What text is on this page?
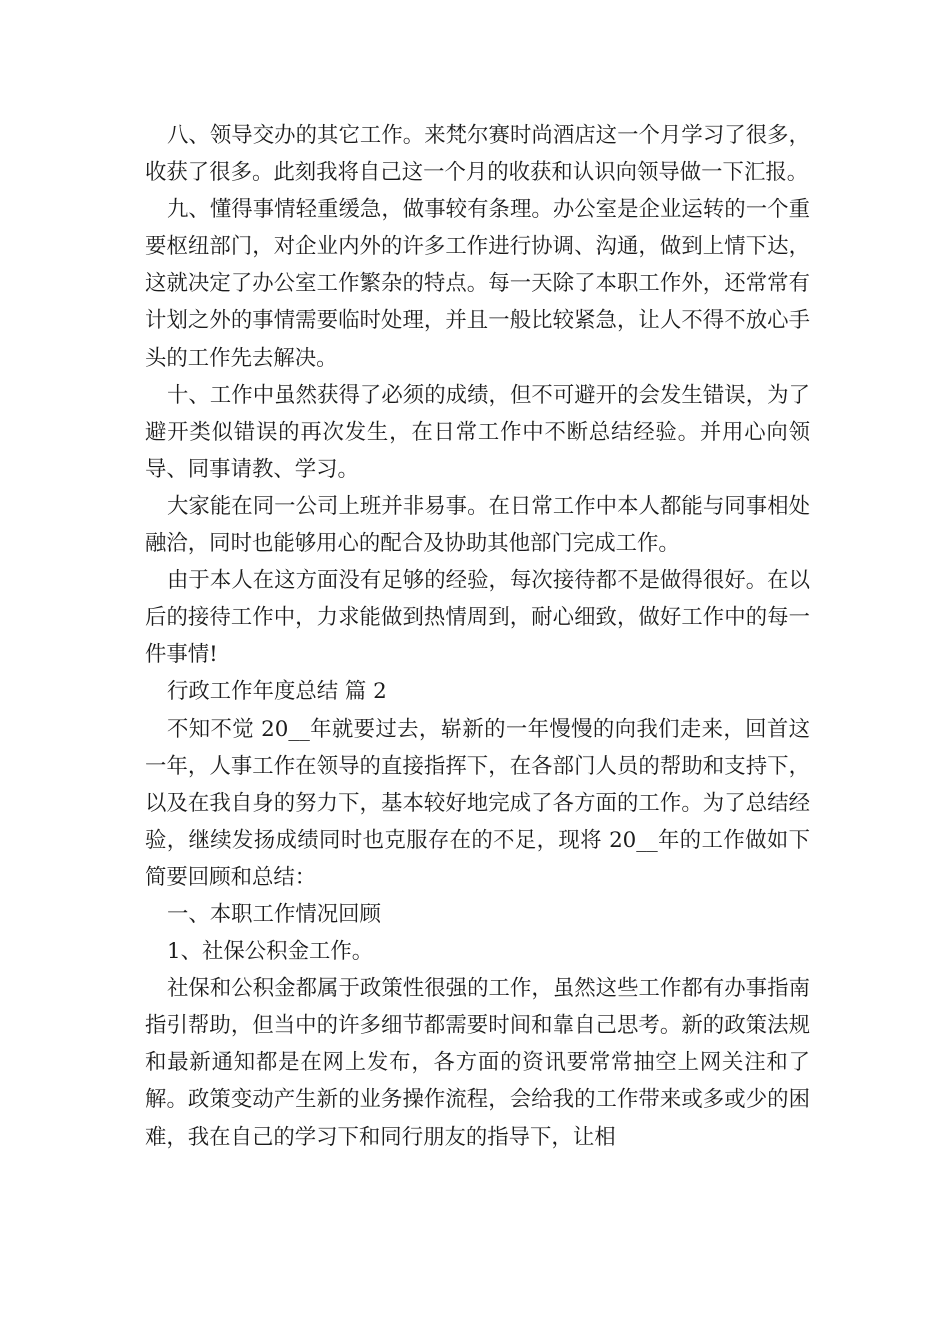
八、领导交办的其它工作。来梵尔赛时尚酒店这一个月学习了很多，收获了很多。此刻我将自己这一个月的收获和认识向领导做一下汇报。

九、懂得事情轻重缓急，做事较有条理。办公室是企业运转的一个重要枢纽部门，对企业内外的许多工作进行协调、沟通，做到上情下达，这就决定了办公室工作繁杂的特点。每一天除了本职工作外，还常常有计划之外的事情需要临时处理，并且一般比较紧急，让人不得不放心手头的工作先去解决。

十、工作中虽然获得了必须的成绩，但不可避开的会发生错误，为了避开类似错误的再次发生，在日常工作中不断总结经验。并用心向领导、同事请教、学习。

大家能在同一公司上班并非易事。在日常工作中本人都能与同事相处融洽，同时也能够用心的配合及协助其他部门完成工作。

由于本人在这方面没有足够的经验，每次接待都不是做得很好。在以后的接待工作中，力求能做到热情周到，耐心细致，做好工作中的每一件事情!

行政工作年度总结 篇 2

不知不觉 20__年就要过去，崭新的一年慢慢的向我们走来，回首这一年，人事工作在领导的直接指挥下，在各部门人员的帮助和支持下，以及在我自身的努力下，基本较好地完成了各方面的工作。为了总结经验，继续发扬成绩同时也克服存在的不足，现将 20__年的工作做如下简要回顾和总结：

一、本职工作情况回顾

1、社保公积金工作。

社保和公积金都属于政策性很强的工作，虽然这些工作都有办事指南指引帮助，但当中的许多细节都需要时间和靠自己思考。新的政策法规和最新通知都是在网上发布，各方面的资讯要常常抽空上网关注和了解。政策变动产生新的业务操作流程，会给我的工作带来或多或少的困难，我在自己的学习下和同行朋友的指导下，让相
